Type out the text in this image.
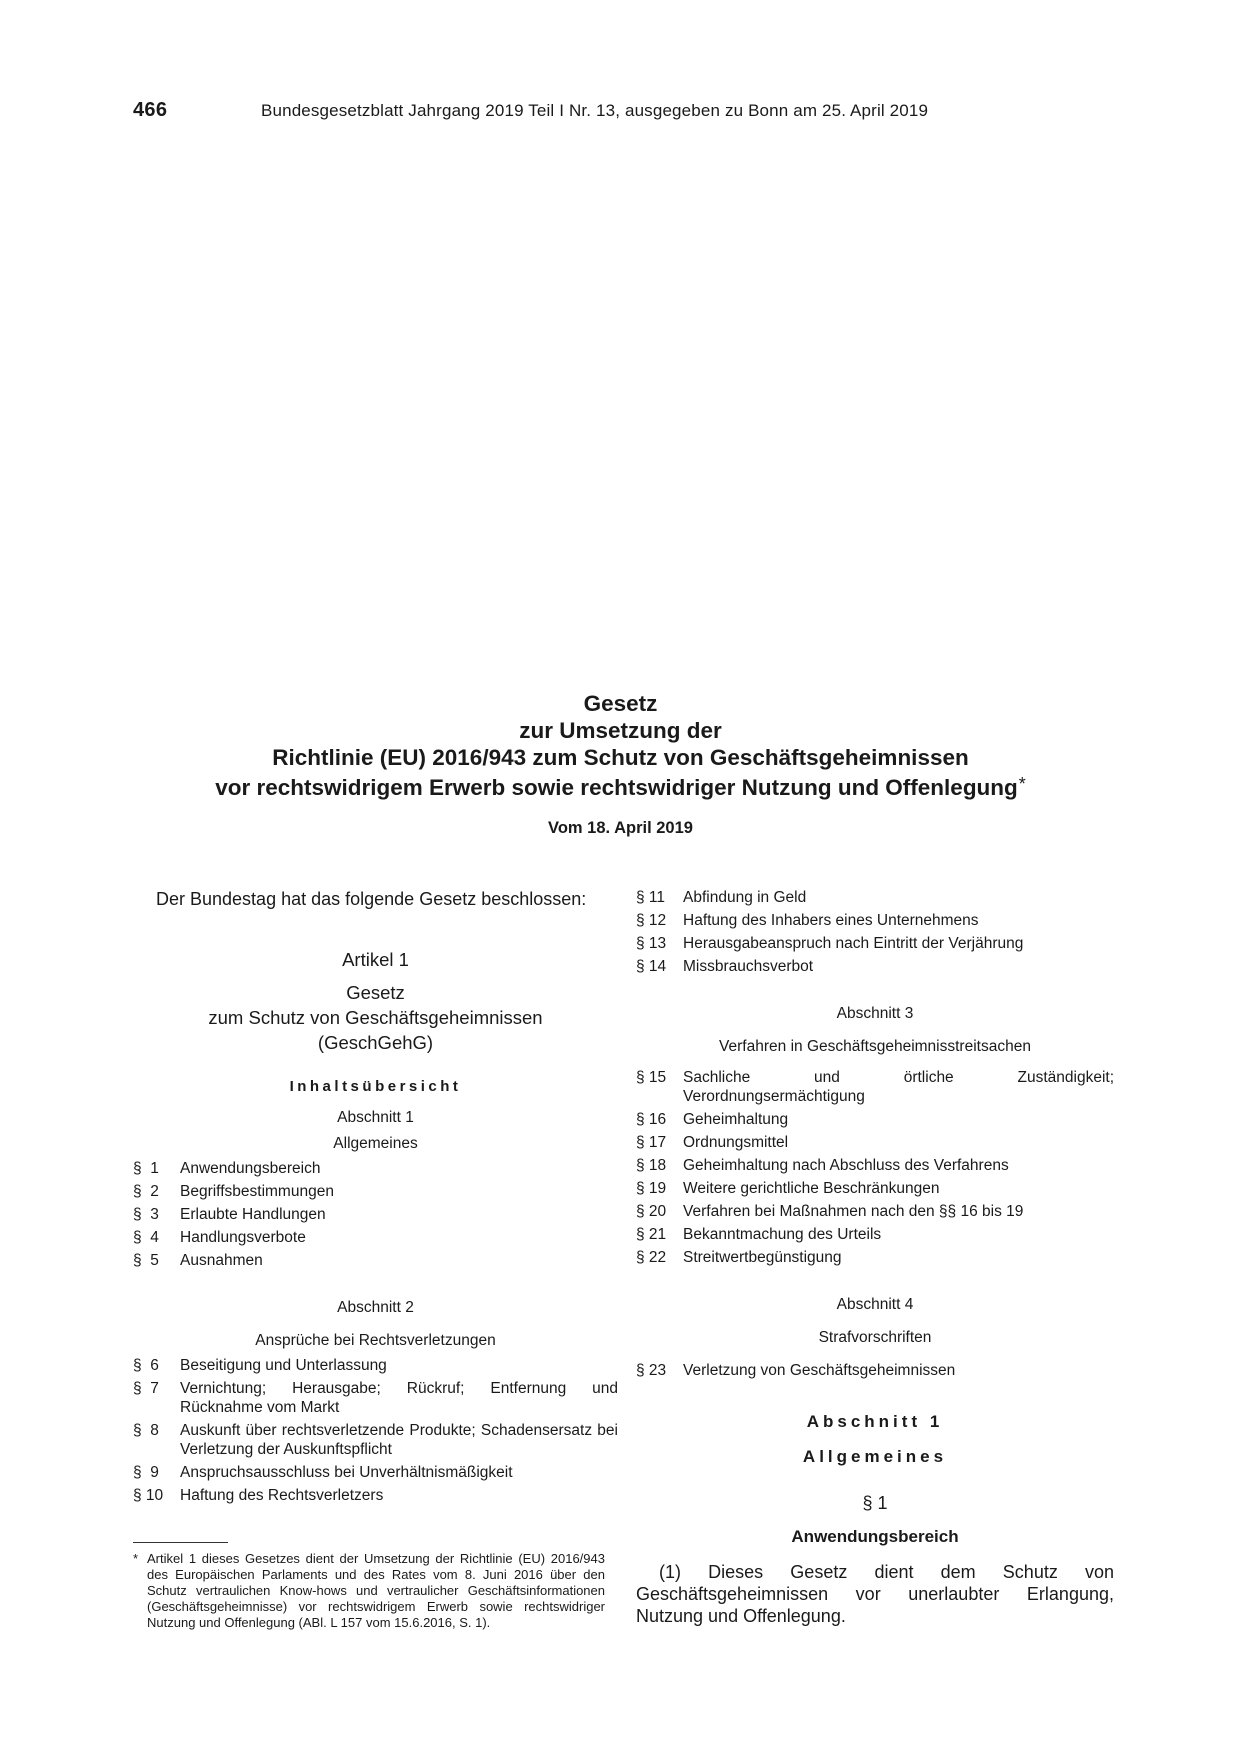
466	Bundesgesetzblatt Jahrgang 2019 Teil I Nr. 13, ausgegeben zu Bonn am 25. April 2019
Gesetz
zur Umsetzung der
Richtlinie (EU) 2016/943 zum Schutz von Geschäftsgeheimnissen
vor rechtswidrigem Erwerb sowie rechtswidriger Nutzung und Offenlegung*
Vom 18. April 2019

Der Bundestag hat das folgende Gesetz beschlossen:

Artikel 1
Gesetz
zum Schutz von Geschäftsgeheimnissen
(GeschGehG)
Inhaltsübersicht
Abschnitt 1
Allgemeines
§  1	Anwendungsbereich
§  2	Begriffsbestimmungen
§  3	Erlaubte Handlungen
§  4	Handlungsverbote
§  5	Ausnahmen
Abschnitt 2
Ansprüche bei Rechtsverletzungen
§  6	Beseitigung und Unterlassung
§  7	Vernichtung; Herausgabe; Rückruf; Entfernung und Rücknahme vom Markt
§  8	Auskunft über rechtsverletzende Produkte; Schadensersatz bei Verletzung der Auskunftspflicht
§  9	Anspruchsausschluss bei Unverhältnismäßigkeit
§ 10	Haftung des Rechtsverletzers
§ 11	Abfindung in Geld
§ 12	Haftung des Inhabers eines Unternehmens
§ 13	Herausgabeanspruch nach Eintritt der Verjährung
§ 14	Missbrauchsverbot
Abschnitt 3
Verfahren in Geschäftsgeheimnisstreitsachen
§ 15	Sachliche und örtliche Zuständigkeit; Verordnungsermächtigung
§ 16	Geheimhaltung
§ 17	Ordnungsmittel
§ 18	Geheimhaltung nach Abschluss des Verfahrens
§ 19	Weitere gerichtliche Beschränkungen
§ 20	Verfahren bei Maßnahmen nach den §§ 16 bis 19
§ 21	Bekanntmachung des Urteils
§ 22	Streitwertbegünstigung
Abschnitt 4
Strafvorschriften
§ 23	Verletzung von Geschäftsgeheimnissen
Abschnitt 1
Allgemeines
§ 1
Anwendungsbereich

(1) Dieses Gesetz dient dem Schutz von Geschäftsgeheimnissen vor unerlaubter Erlangung, Nutzung und Offenlegung.

* Artikel 1 dieses Gesetzes dient der Umsetzung der Richtlinie (EU) 2016/943 des Europäischen Parlaments und des Rates vom 8. Juni 2016 über den Schutz vertraulichen Know-hows und vertraulicher Geschäftsinformationen (Geschäftsgeheimnisse) vor rechtswidrigem Erwerb sowie rechtswidriger Nutzung und Offenlegung (ABl. L 157 vom 15.6.2016, S. 1).
